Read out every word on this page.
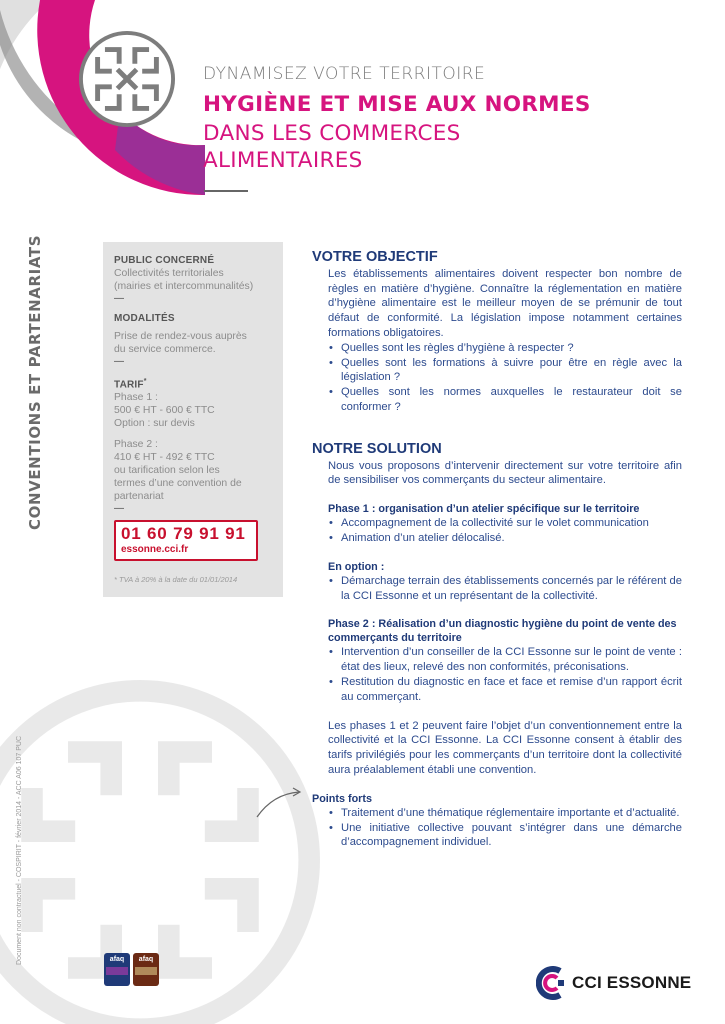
DYNAMISEZ VOTRE TERRITOIRE
HYGIÈNE ET MISE AUX NORMES
DANS LES COMMERCES
ALIMENTAIRES
CONVENTIONS ET PARTENARIATS
Document non contractuel - COSPIRIT - février 2014 - ACC A06 107 PUC
PUBLIC CONCERNÉ
Collectivités territoriales
(mairies et intercommunalités)
—
MODALITÉS
Prise de rendez-vous auprès
du service commerce.
—
TARIF*
Phase 1 :
500 € HT - 600 € TTC
Option : sur devis
Phase 2 :
410 € HT - 492 € TTC
ou tarification selon les
termes d’une convention de
partenariat
—
01 60 79 91 91
essonne.cci.fr
* TVA à 20% à la date du 01/01/2014
VOTRE OBJECTIF

Les établissements alimentaires doivent respecter bon nombre de règles en matière d’hygiène. Connaître la réglementation en matière d’hygiène alimentaire est le meilleur moyen de se prémunir de tout défaut de conformité. La législation impose notamment certaines formations obligatoires.

• Quelles sont les règles d’hygiène à respecter ?
• Quelles sont les formations à suivre pour être en règle avec la législation ?
• Quelles sont les normes auxquelles le restaurateur doit se conformer ?
NOTRE SOLUTION

Nous vous proposons d’intervenir directement sur votre territoire afin de sensibiliser vos commerçants du secteur alimentaire.

Phase 1 : organisation d’un atelier spécifique sur le territoire
• Accompagnement de la collectivité sur le volet communication
• Animation d’un atelier délocalisé.
En option :
• Démarchage terrain des établissements concernés par le référent de la CCI Essonne et un représentant de la collectivité.
Phase 2 : Réalisation d’un diagnostic hygiène du point de vente des commerçants du territoire
• Intervention d’un conseiller de la CCI Essonne sur le point de vente : état des lieux, relevé des non conformités, préconisations.
• Restitution du diagnostic en face et face et remise d’un rapport écrit au commerçant.

Les phases 1 et 2 peuvent faire l’objet d’un conventionnement entre la collectivité et la CCI Essonne. La CCI Essonne consent à établir des tarifs privilégiés pour les commerçants d’un territoire dont la collectivité aura préalablement établi une convention.

Points forts
• Traitement d’une thématique réglementaire importante et d’actualité.
• Une initiative collective pouvant s’intégrer dans une démarche d’accompagnement individuel.
afaq	afaq
CCI ESSONNE
